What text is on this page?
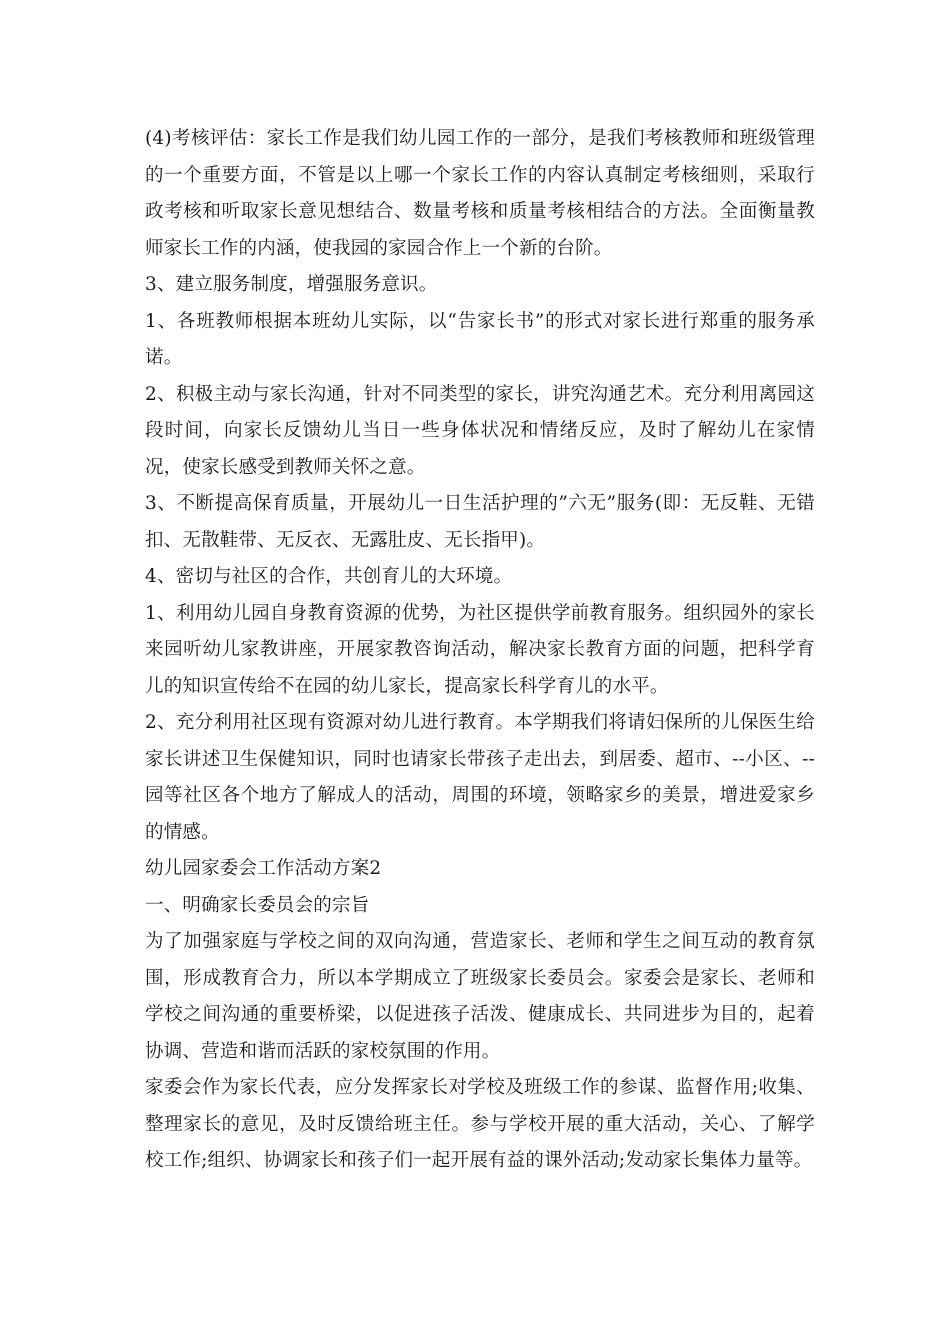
(4)考核评估：家长工作是我们幼儿园工作的一部分，是我们考核教师和班级管理的一个重要方面，不管是以上哪一个家长工作的内容认真制定考核细则，采取行政考核和听取家长意见想结合、数量考核和质量考核相结合的方法。全面衡量教师家长工作的内涵，使我园的家园合作上一个新的台阶。

3、建立服务制度，增强服务意识。

1、各班教师根据本班幼儿实际，以“告家长书”的形式对家长进行郑重的服务承诺。

2、积极主动与家长沟通，针对不同类型的家长，讲究沟通艺术。充分利用离园这段时间，向家长反馈幼儿当日一些身体状况和情绪反应，及时了解幼儿在家情况，使家长感受到教师关怀之意。

3、不断提高保育质量，开展幼儿一日生活护理的”六无”服务(即：无反鞋、无错扣、无散鞋带、无反衣、无露肚皮、无长指甲)。

4、密切与社区的合作，共创育儿的大环境。

1、利用幼儿园自身教育资源的优势，为社区提供学前教育服务。组织园外的家长来园听幼儿家教讲座，开展家教咨询活动，解决家长教育方面的问题，把科学育儿的知识宣传给不在园的幼儿家长，提高家长科学育儿的水平。

2、充分利用社区现有资源对幼儿进行教育。本学期我们将请妇保所的儿保医生给家长讲述卫生保健知识，同时也请家长带孩子走出去，到居委、超市、--小区、--园等社区各个地方了解成人的活动，周围的环境，领略家乡的美景，增进爱家乡的情感。

幼儿园家委会工作活动方案2

一、明确家长委员会的宗旨

为了加强家庭与学校之间的双向沟通，营造家长、老师和学生之间互动的教育氛围，形成教育合力，所以本学期成立了班级家长委员会。家委会是家长、老师和学校之间沟通的重要桥梁，以促进孩子活泼、健康成长、共同进步为目的，起着协调、营造和谐而活跃的家校氛围的作用。

家委会作为家长代表，应分发挥家长对学校及班级工作的参谋、监督作用;收集、整理家长的意见，及时反馈给班主任。参与学校开展的重大活动，关心、了解学校工作;组织、协调家长和孩子们一起开展有益的课外活动;发动家长集体力量等。
